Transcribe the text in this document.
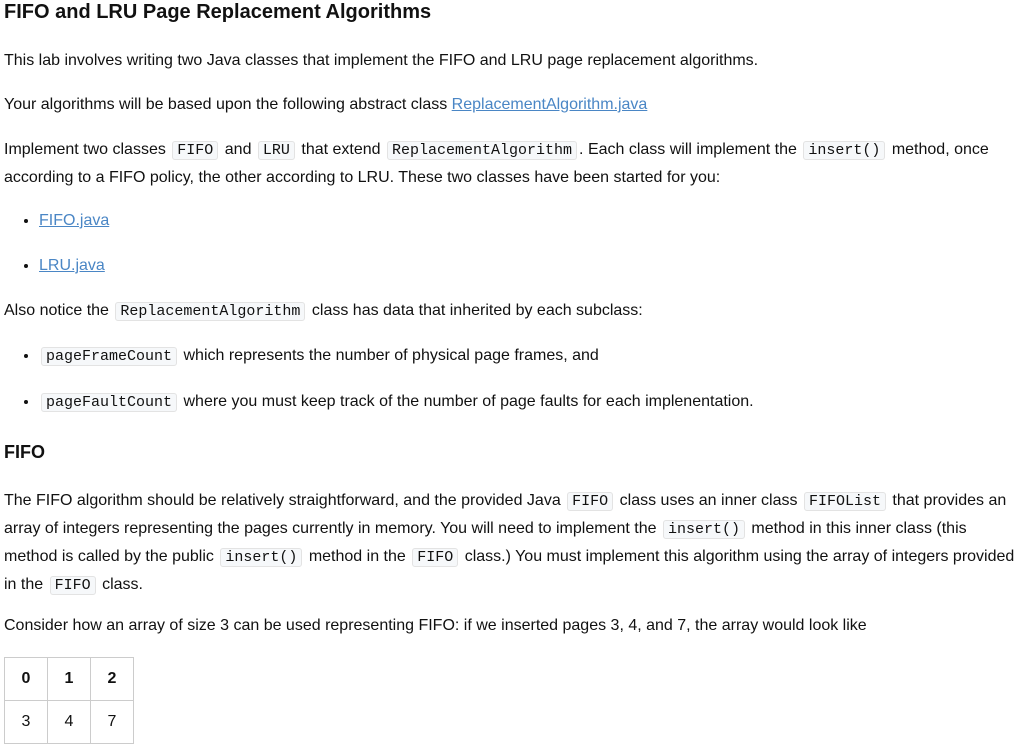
FIFO and LRU Page Replacement Algorithms

This lab involves writing two Java classes that implement the FIFO and LRU page replacement algorithms.

Your algorithms will be based upon the following abstract class ReplacementAlgorithm.java

Implement two classes FIFO and LRU that extend ReplacementAlgorithm . Each class will implement the insert() method, once according to a FIFO policy, the other according to LRU. These two classes have been started for you:

• FIFO.java
• LRU.java

Also notice the ReplacementAlgorithm class has data that inherited by each subclass:

• pageFrameCount which represents the number of physical page frames, and
• pageFaultCount where you must keep track of the number of page faults for each implenentation.
FIFO

The FIFO algorithm should be relatively straightforward, and the provided Java FIFO class uses an inner class FIFOList that provides an array of integers representing the pages currently in memory. You will need to implement the insert() method in this inner class (this method is called by the public insert() method in the FIFO class.) You must implement this algorithm using the array of integers provided in the FIFO class.

Consider how an array of size 3 can be used representing FIFO: if we inserted pages 3, 4, and 7, the array would look like

0	1	2
3	4	7
